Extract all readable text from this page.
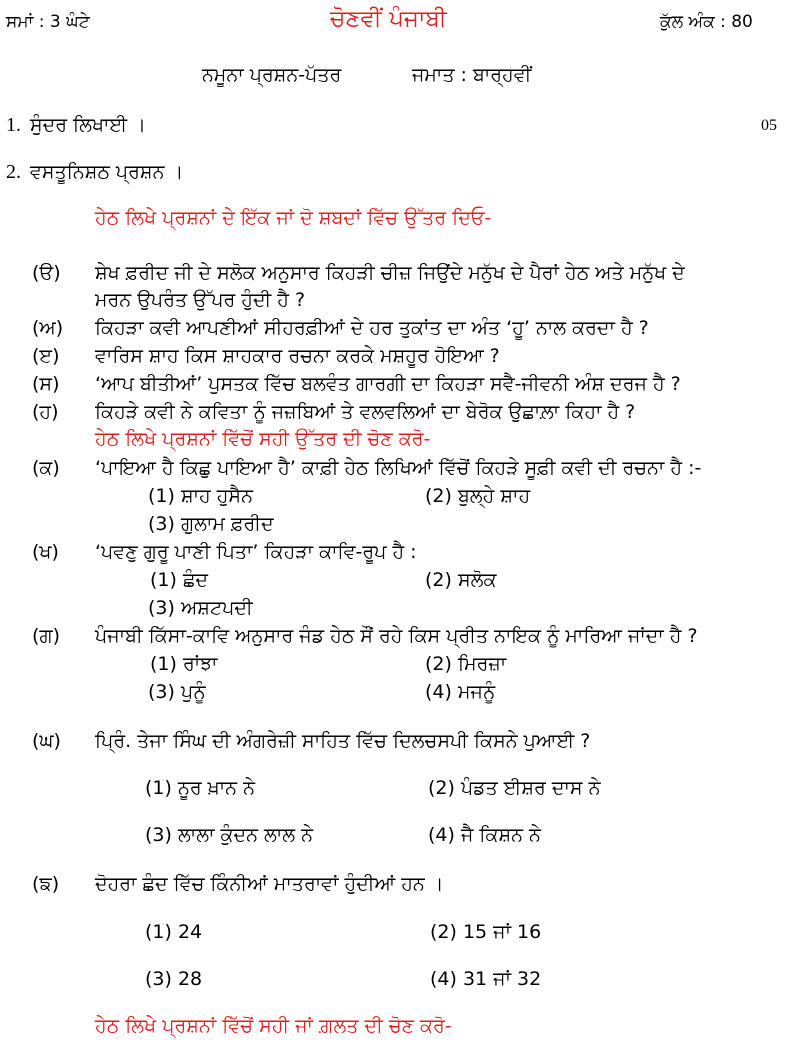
ਸਮਾਂ : 3 ਘੰਟੇ	ਚੋਣਵੀਂ ਪੰਜਾਬੀ	ਕੁੱਲ ਅੰਕ : 80
ਨਮੂਨਾ ਪ੍ਰਸ਼ਨ-ਪੱਤਰ	ਜਮਾਤ : ਬਾਰ੍ਹਵੀਂ
1. ਸੁੰਦਰ ਲਿਖਾਈ ।	05
2. ਵਸਤੂਨਿਸ਼ਠ ਪ੍ਰਸ਼ਨ ।
ਹੇਠ ਲਿਖੇ ਪ੍ਰਸ਼ਨਾਂ ਦੇ ਇੱਕ ਜਾਂ ਦੋ ਸ਼ਬਦਾਂ ਵਿੱਚ ਉੱਤਰ ਦਿਓ-
(ੳ) ਸ਼ੇਖ ਫ਼ਰੀਦ ਜੀ ਦੇ ਸਲੋਕ ਅਨੁਸਾਰ ਕਿਹੜੀ ਚੀਜ਼ ਜਿਉਂਦੇ ਮਨੁੱਖ ਦੇ ਪੈਰਾਂ ਹੇਠ ਅਤੇ ਮਨੁੱਖ ਦੇ
ਮਰਨ ਉਪਰੰਤ ਉੱਪਰ ਹੁੰਦੀ ਹੈ ?
(ਅ) ਕਿਹੜਾ ਕਵੀ ਆਪਣੀਆਂ ਸੀਹਰਫ਼ੀਆਂ ਦੇ ਹਰ ਤੁਕਾਂਤ ਦਾ ਅੰਤ ‘ਹੂ’ ਨਾਲ ਕਰਦਾ ਹੈ ?
(ੲ) ਵਾਰਿਸ ਸ਼ਾਹ ਕਿਸ ਸ਼ਾਹਕਾਰ ਰਚਨਾ ਕਰਕੇ ਮਸ਼ਹੂਰ ਹੋਇਆ ?
(ਸ) ‘ਆਪ ਬੀਤੀਆਂ’ ਪੁਸਤਕ ਵਿੱਚ ਬਲਵੰਤ ਗਾਰਗੀ ਦਾ ਕਿਹੜਾ ਸਵੈ-ਜੀਵਨੀ ਅੰਸ਼ ਦਰਜ ਹੈ ?
(ਹ) ਕਿਹੜੇ ਕਵੀ ਨੇ ਕਵਿਤਾ ਨੂੰ ਜਜ਼ਬਿਆਂ ਤੇ ਵਲਵਲਿਆਂ ਦਾ ਬੇਰੋਕ ਉਛਾਲ਼ਾ ਕਿਹਾ ਹੈ ?
ਹੇਠ ਲਿਖੇ ਪ੍ਰਸ਼ਨਾਂ ਵਿੱਚੋਂ ਸਹੀ ਉੱਤਰ ਦੀ ਚੋਣ ਕਰੋ-
(ਕ) ‘ਪਾਇਆ ਹੈ ਕਿਛੁ ਪਾਇਆ ਹੈ’ ਕਾਫ਼ੀ ਹੇਠ ਲਿਖਿਆਂ ਵਿੱਚੋਂ ਕਿਹੜੇ ਸੂਫ਼ੀ ਕਵੀ ਦੀ ਰਚਨਾ ਹੈ :-
(1) ਸ਼ਾਹ ਹੁਸੈਨ	(2) ਬੁਲ੍ਹੇ ਸ਼ਾਹ
(3) ਗੁਲਾਮ ਫ਼ਰੀਦ
(ਖ) ‘ਪਵਣੁ ਗੁਰੂ ਪਾਣੀ ਪਿਤਾ’ ਕਿਹੜਾ ਕਾਵਿ-ਰੂਪ ਹੈ :
(1) ਛੰਦ	(2) ਸਲੋਕ
(3) ਅਸ਼ਟਪਦੀ
(ਗ) ਪੰਜਾਬੀ ਕਿੱਸਾ-ਕਾਵਿ ਅਨੁਸਾਰ ਜੰਡ ਹੇਠ ਸੌਂ ਰਹੇ ਕਿਸ ਪ੍ਰੀਤ ਨਾਇਕ ਨੂੰ ਮਾਰਿਆ ਜਾਂਦਾ ਹੈ ?
(1) ਰਾਂਝਾ	(2) ਮਿਰਜ਼ਾ
(3) ਪੁਨੂੰ	(4) ਮਜਨੂੰ
(ਘ) ਪ੍ਰਿੰ. ਤੇਜਾ ਸਿੰਘ ਦੀ ਅੰਗਰੇਜ਼ੀ ਸਾਹਿਤ ਵਿੱਚ ਦਿਲਚਸਪੀ ਕਿਸਨੇ ਪੁਆਈ ?
(1) ਨੂਰ ਖ਼ਾਨ ਨੇ	(2) ਪੰਡਤ ਈਸ਼ਰ ਦਾਸ ਨੇ
(3) ਲਾਲਾ ਕੁੰਦਨ ਲਾਲ ਨੇ	(4) ਜੈ ਕਿਸ਼ਨ ਨੇ
(ਙ) ਦੋਹਰਾ ਛੰਦ ਵਿੱਚ ਕਿੰਨੀਆਂ ਮਾਤਰਾਵਾਂ ਹੁੰਦੀਆਂ ਹਨ ।
(1) 24	(2) 15 ਜਾਂ 16
(3) 28	(4) 31 ਜਾਂ 32
ਹੇਠ ਲਿਖੇ ਪ੍ਰਸ਼ਨਾਂ ਵਿੱਚੋਂ ਸਹੀ ਜਾਂ ਗ਼ਲਤ ਦੀ ਚੋਣ ਕਰੋ-
